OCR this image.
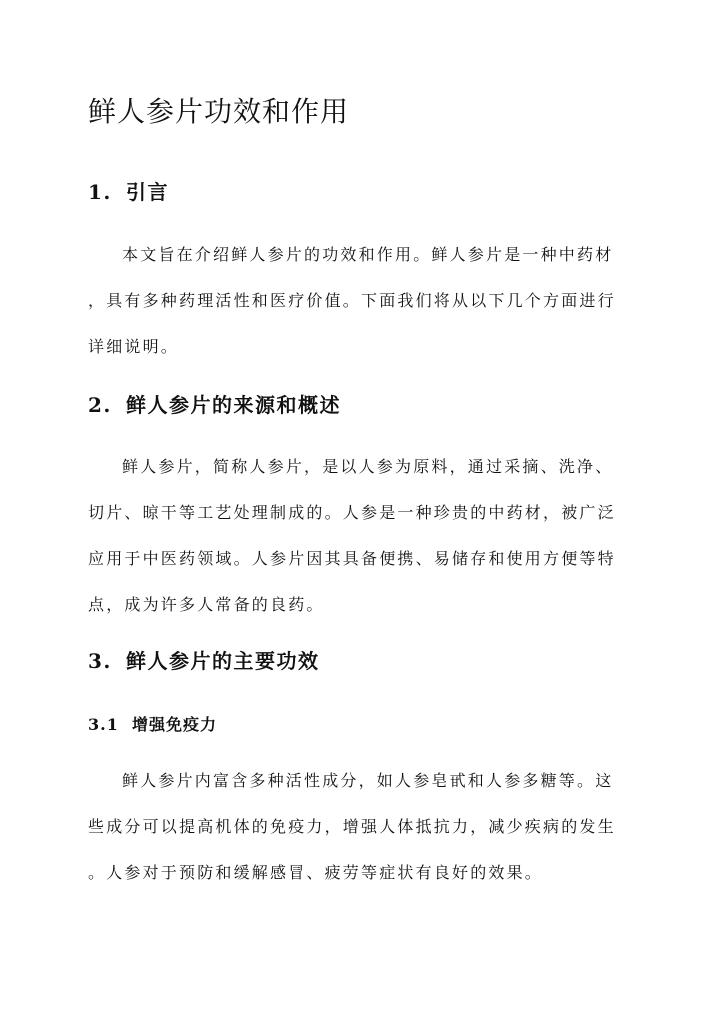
鲜人参片功效和作用
1. 引言
本文旨在介绍鲜人参片的功效和作用。鲜人参片是一种中药材
，具有多种药理活性和医疗价值。下面我们将从以下几个方面进行
详细说明。
2. 鲜人参片的来源和概述
鲜人参片，简称人参片，是以人参为原料，通过采摘、洗净、
切片、晾干等工艺处理制成的。人参是一种珍贵的中药材，被广泛
应用于中医药领域。人参片因其具备便携、易储存和使用方便等特
点，成为许多人常备的良药。
3. 鲜人参片的主要功效
3.1 增强免疫力
鲜人参片内富含多种活性成分，如人参皂甙和人参多糖等。这
些成分可以提高机体的免疫力，增强人体抵抗力，减少疾病的发生
。人参对于预防和缓解感冒、疲劳等症状有良好的效果。
